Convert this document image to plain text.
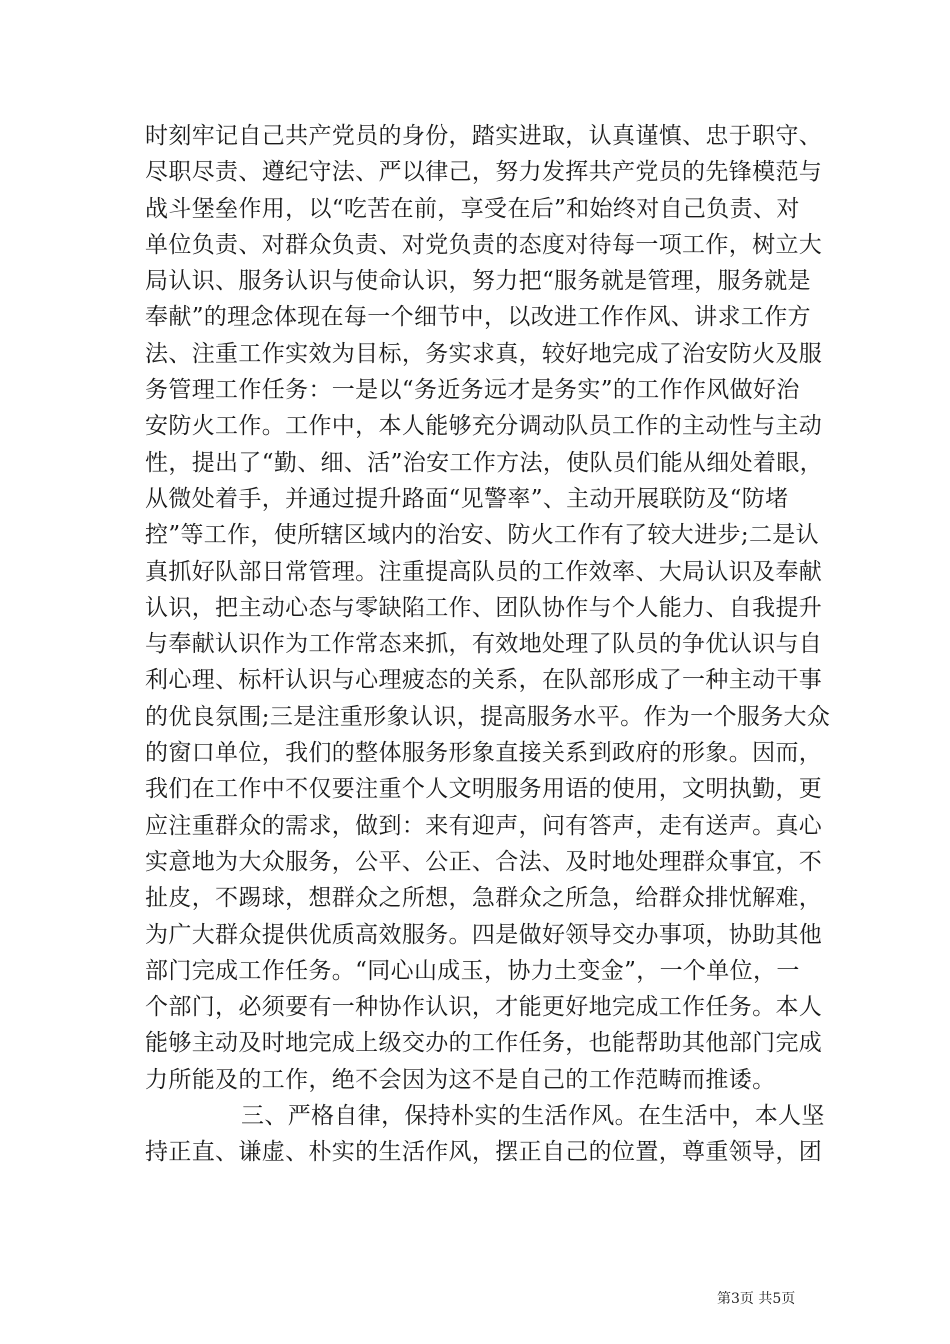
时刻牢记自己共产党员的身份，踏实进取，认真谨慎、忠于职守、
尽职尽责、遵纪守法、严以律己，努力发挥共产党员的先锋模范与
战斗堡垒作用，以“吃苦在前，享受在后”和始终对自己负责、对
单位负责、对群众负责、对党负责的态度对待每一项工作，树立大
局认识、服务认识与使命认识，努力把“服务就是管理，服务就是
奉献”的理念体现在每一个细节中，以改进工作作风、讲求工作方
法、注重工作实效为目标，务实求真，较好地完成了治安防火及服
务管理工作任务：一是以“务近务远才是务实”的工作作风做好治
安防火工作。工作中，本人能够充分调动队员工作的主动性与主动
性，提出了“勤、细、活”治安工作方法，使队员们能从细处着眼，
从微处着手，并通过提升路面“见警率”、主动开展联防及“防堵
控”等工作，使所辖区域内的治安、防火工作有了较大进步;二是认
真抓好队部日常管理。注重提高队员的工作效率、大局认识及奉献
认识，把主动心态与零缺陷工作、团队协作与个人能力、自我提升
与奉献认识作为工作常态来抓，有效地处理了队员的争优认识与自
利心理、标杆认识与心理疲态的关系，在队部形成了一种主动干事
的优良氛围;三是注重形象认识，提高服务水平。作为一个服务大众
的窗口单位，我们的整体服务形象直接关系到政府的形象。因而，
我们在工作中不仅要注重个人文明服务用语的使用，文明执勤，更
应注重群众的需求，做到：来有迎声，问有答声，走有送声。真心
实意地为大众服务，公平、公正、合法、及时地处理群众事宜，不
扯皮，不踢球，想群众之所想，急群众之所急，给群众排忧解难，
为广大群众提供优质高效服务。四是做好领导交办事项，协助其他
部门完成工作任务。“同心山成玉，协力土变金”，一个单位，一
个部门，必须要有一种协作认识，才能更好地完成工作任务。本人
能够主动及时地完成上级交办的工作任务，也能帮助其他部门完成
力所能及的工作，绝不会因为这不是自己的工作范畴而推诿。
三、严格自律，保持朴实的生活作风。在生活中，本人坚
持正直、谦虚、朴实的生活作风，摆正自己的位置，尊重领导，团
第3页 共5页
